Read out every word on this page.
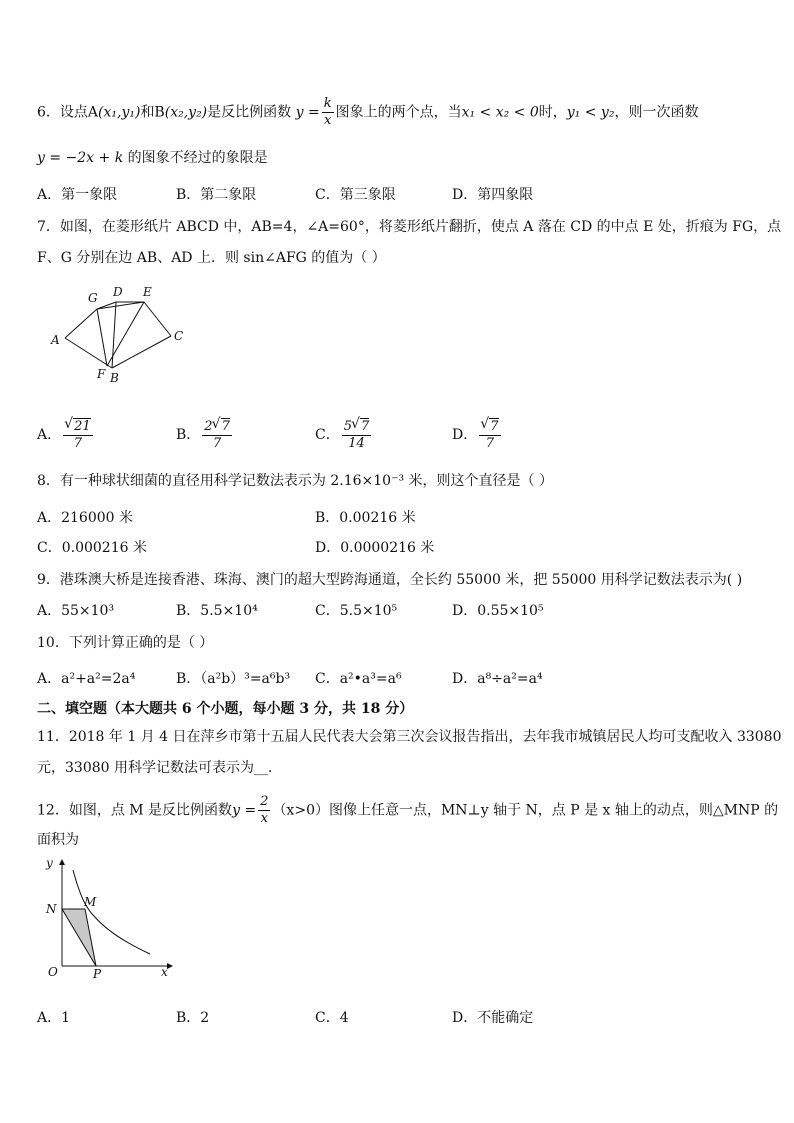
6．设点A(x₁,y₁)和B(x₂,y₂)是反比例函数 $y = \frac{k}{x}$ 图象上的两个点，当x₁ < x₂ < 0时，y₁ < y₂，则一次函数
y = −2x + k 的图象不经过的象限是
A．第一象限	B．第二象限	C．第三象限	D．第四象限
7．如图，在菱形纸片 ABCD 中，AB=4，∠A=60°，将菱形纸片翻折，使点 A 落在 CD 的中点 E 处，折痕为 FG，点
F、G 分别在边 AB、AD 上．则 sin∠AFG 的值为（ ）
A
G D E
C
F B
A． √ $\frac{21}{7}$	B． $\frac{2 √ 7}{7}$	C． $\frac{5 √ 7}{14}$	D． √ $\frac{7}{7}$
8．有一种球状细菌的直径用科学记数法表示为 2.16×10⁻³ 米，则这个直径是（ ）
A．216000 米	B．0.00216 米
C．0.000216 米	D．0.0000216 米
9．港珠澳大桥是连接香港、珠海、澳门的超大型跨海通道，全长约 55000 米，把 55000 用科学记数法表示为( )
A．55×10³	B．5.5×10⁴	C．5.5×10⁵	D．0.55×10⁵
10．下列计算正确的是（ ）
A．a²+a²=2a⁴	B．（a²b）³=a⁶b³ C．a²•a³=a⁶	D．a⁸÷a²=a⁴
二、填空题（本大题共 6 个小题，每小题 3 分，共 18 分）
11．2018 年 1 月 4 日在萍乡市第十五届人民代表大会第三次会议报告指出，去年我市城镇居民人均可支配收入 33080
元，33080 用科学记数法可表示为__．
12．如图，点 M 是反比例函数$y = \frac{2}{x} (x>0)$图像上任意一点，MN⊥y 轴于 N，点 P 是 x 轴上的动点，则△MNP 的
面积为
y
x
N M
O	P
A．1	B．2	C．4	D．不能确定
